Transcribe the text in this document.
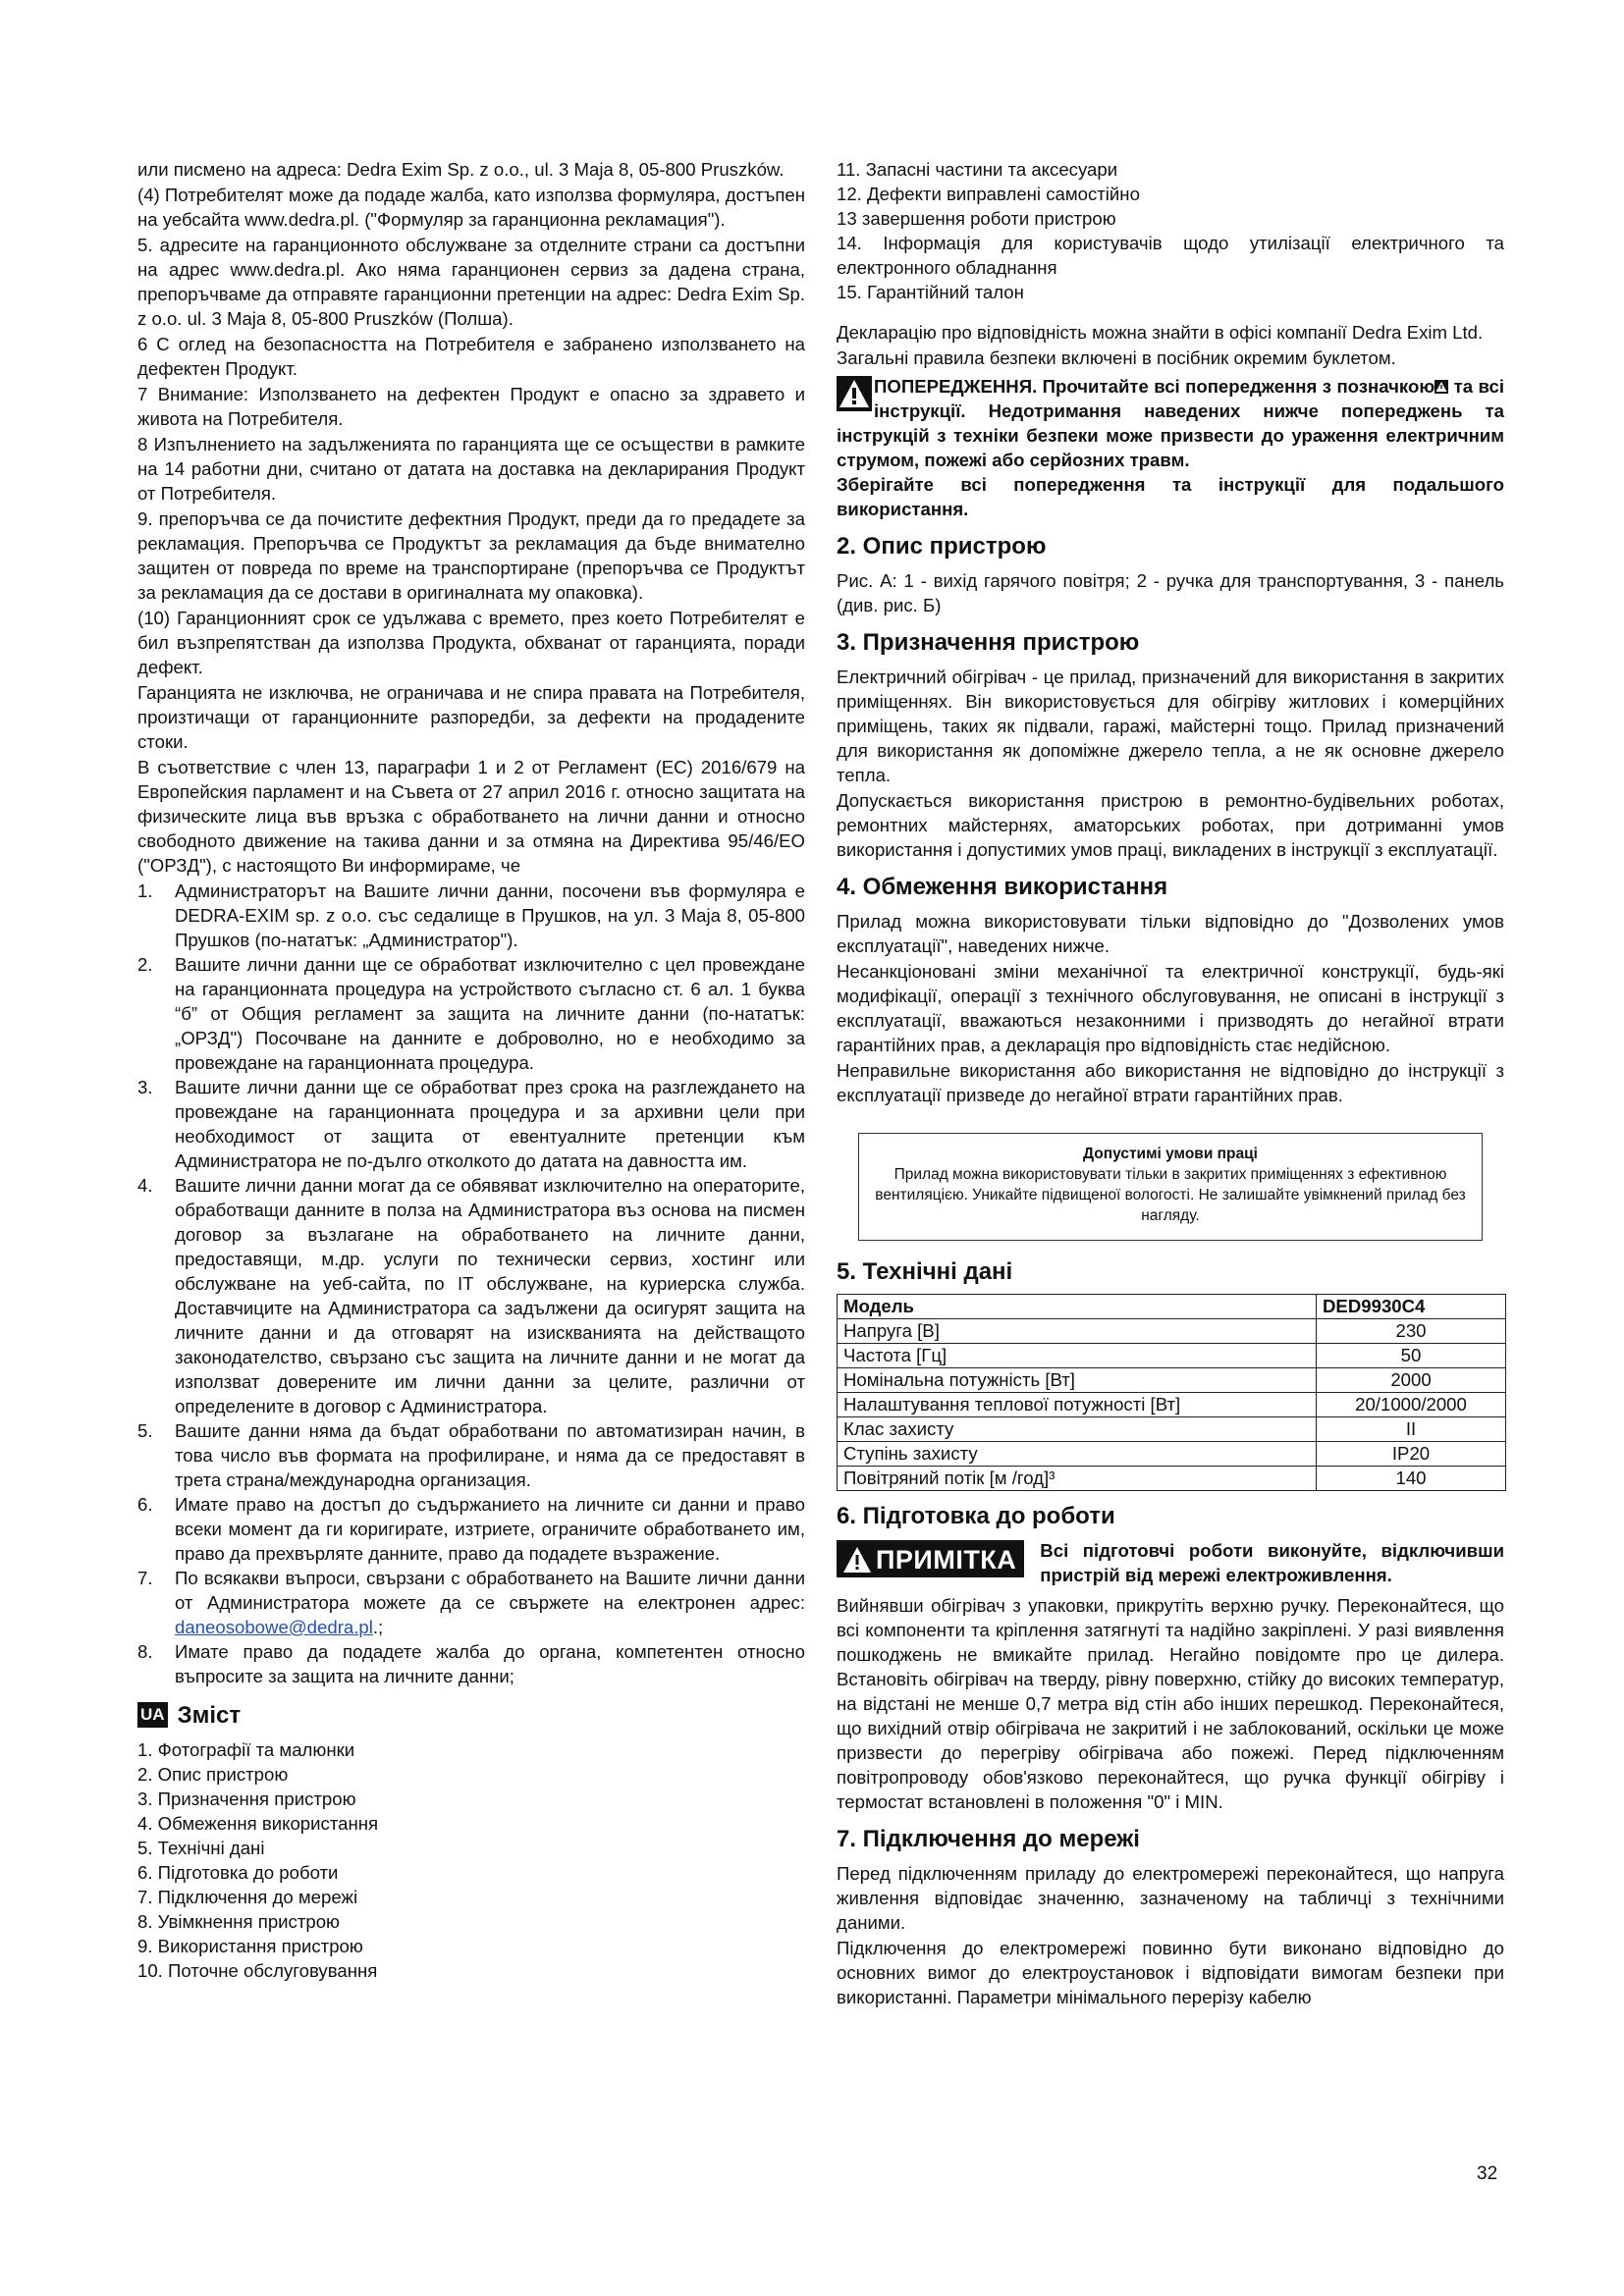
или писмено на адреса: Dedra Exim Sp. z o.o., ul. 3 Maja 8, 05-800 Pruszków.

(4) Потребителят може да подаде жалба, като използва формуляра, достъпен на уебсайта www.dedra.pl. ("Формуляр за гаранционна рекламация").

5. адресите на гаранционното обслужване за отделните страни са достъпни на адрес www.dedra.pl. Ако няма гаранционен сервиз за дадена страна, препоръчваме да отправяте гаранционни претенции на адрес: Dedra Exim Sp. z o.o. ul. 3 Maja 8, 05-800 Pruszków (Полша).

6 С оглед на безопасността на Потребителя е забранено използването на дефектен Продукт.

7 Внимание: Използването на дефектен Продукт е опасно за здравето и живота на Потребителя.

8 Изпълнението на задълженията по гаранцията ще се осъществи в рамките на 14 работни дни, считано от датата на доставка на декларирания Продукт от Потребителя.

9. препоръчва се да почистите дефектния Продукт, преди да го предадете за рекламация. Препоръчва се Продуктът за рекламация да бъде внимателно защитен от повреда по време на транспортиране (препоръчва се Продуктът за рекламация да се достави в оригиналната му опаковка).

(10) Гаранционният срок се удължава с времето, през което Потребителят е бил възпрепятстван да използва Продукта, обхванат от гаранцията, поради дефект.

Гаранцията не изключва, не ограничава и не спира правата на Потребителя, произтичащи от гаранционните разпоредби, за дефекти на продадените стоки.

В съответствие с член 13, параграфи 1 и 2 от Регламент (ЕС) 2016/679 на Европейския парламент и на Съвета от 27 април 2016 г. относно защитата на физическите лица във връзка с обработването на лични данни и относно свободното движение на такива данни и за отмяна на Директива 95/46/ЕО ("ОРЗД"), с настоящото Ви информираме, че

1.	Администраторът на Вашите лични данни, посочени във формуляра е DEDRA-EXIM sp. z o.o. със седалище в Прушков, на ул. 3 Maja 8, 05-800 Прушков (по-нататък: „Администратор").
2.	Вашите лични данни ще се обработват изключително с цел провеждане на гаранционната процедура на устройството съгласно ст. 6 ал. 1 буква “б” от Общия регламент за защита на личните данни (по-нататък: „ОРЗД") Посочване на данните е доброволно, но е необходимо за провеждане на гаранционната процедура.
3.	Вашите лични данни ще се обработват през срока на разглеждането на провеждане на гаранционната процедура и за архивни цели при необходимост от защита от евентуалните претенции към Администратора не по-дълго отколкото до датата на давността им.
4.	Вашите лични данни могат да се обявяват изключително на операторите, обработващи данните в полза на Администратора въз основа на писмен договор за възлагане на обработването на личните данни, предоставящи, м.др. услуги по технически сервиз, хостинг или обслужване на уеб-сайта, по IT обслужване, на куриерска служба. Доставчиците на Администратора са задължени да осигурят защита на личните данни и да отговарят на изискванията на действащото законодателство, свързано със защита на личните данни и не могат да използват доверените им лични данни за целите, различни от определените в договор с Администратора.
5.	Вашите данни няма да бъдат обработвани по автоматизиран начин, в това число във формата на профилиране, и няма да се предоставят в трета страна/международна организация.
6.	Имате право на достъп до съдържанието на личните си данни и право всеки момент да ги коригирате, изтриете, ограничите обработването им, право да прехвърляте данните, право да подадете възражение.
7.	По всякакви въпроси, свързани с обработването на Вашите лични данни от Администратора можете да се свържете на електронен адрес: daneosobowe@dedra.pl.;
8.	Имате право да подадете жалба до органа, компетентен относно въпросите за защита на личните данни;
UA Зміст
1. Фотографії та малюнки
2. Опис пристрою
3. Призначення пристрою
4. Обмеження використання
5. Технічні дані
6. Підготовка до роботи
7. Підключення до мережі
8. Увімкнення пристрою
9. Використання пристрою
10. Поточне обслуговування
11. Запасні частини та аксесуари
12. Дефекти виправлені самостійно
13 завершення роботи пристрою
14. Інформація для користувачів щодо утилізації електричного та електронного обладнання
15. Гарантійний талон

Декларацію про відповідність можна знайти в офісі компанії Dedra Exim Ltd.

Загальні правила безпеки включені в посібник окремим буклетом.

ПОПЕРЕДЖЕННЯ. Прочитайте всі попередження з позначкою та всі інструкції. Недотримання наведених нижче попереджень та інструкцій з техніки безпеки може призвести до ураження електричним струмом, пожежі або серйозних травм.

Зберігайте всі попередження та інструкції для подальшого використання.

2. Опис пристрою

Рис. A: 1 - вихід гарячого повітря; 2 - ручка для транспортування, 3 - панель (див. рис. Б)

3. Призначення пристрою

Електричний обігрівач - це прилад, призначений для використання в закритих приміщеннях. Він використовується для обігріву житлових і комерційних приміщень, таких як підвали, гаражі, майстерні тощо. Прилад призначений для використання як допоміжне джерело тепла, а не як основне джерело тепла.

Допускається використання пристрою в ремонтно-будівельних роботах, ремонтних майстернях, аматорських роботах, при дотриманні умов використання і допустимих умов праці, викладених в інструкції з експлуатації.

4. Обмеження використання

Прилад можна використовувати тільки відповідно до "Дозволених умов експлуатації", наведених нижче.

Несанкціоновані зміни механічної та електричної конструкції, будь-які модифікації, операції з технічного обслуговування, не описані в інструкції з експлуатації, вважаються незаконними і призводять до негайної втрати гарантійних прав, а декларація про відповідність стає недійсною.

Неправильне використання або використання не відповідно до інструкції з експлуатації призведе до негайної втрати гарантійних прав.

Допустимі умови праці
Прилад можна використовувати тільки в закритих приміщеннях з ефективною вентиляцією. Уникайте підвищеної вологості. Не залишайте увімкнений прилад без нагляду.
5. Технічні дані
Модель	DED9930C4
Напруга [В]	230
Частота [Гц]	50
Номінальна потужність [Вт]	2000
Налаштування теплової потужності [Вт]	20/1000/2000
Клас захисту	II
Ступінь захисту	IP20
Повітряний потік [м /год]³	140
6. Підготовка до роботи
ПРИМІТКА Всі підготовчі роботи виконуйте, відключивши пристрій від мережі електроживлення.

Вийнявши обігрівач з упаковки, прикрутіть верхню ручку. Переконайтеся, що всі компоненти та кріплення затягнуті та надійно закріплені. У разі виявлення пошкоджень не вмикайте прилад. Негайно повідомте про це дилера. Встановіть обігрівач на тверду, рівну поверхню, стійку до високих температур, на відстані не менше 0,7 метра від стін або інших перешкод. Переконайтеся, що вихідний отвір обігрівача не закритий і не заблокований, оскільки це може призвести до перегріву обігрівача або пожежі. Перед підключенням повітропроводу обов'язково переконайтеся, що ручка функції обігріву і термостат встановлені в положення "0" і MIN.

7. Підключення до мережі

Перед підключенням приладу до електромережі переконайтеся, що напруга живлення відповідає значенню, зазначеному на табличці з технічними даними.

Підключення до електромережі повинно бути виконано відповідно до основних вимог до електроустановок і відповідати вимогам безпеки при використанні. Параметри мінімального перерізу кабелю

32
